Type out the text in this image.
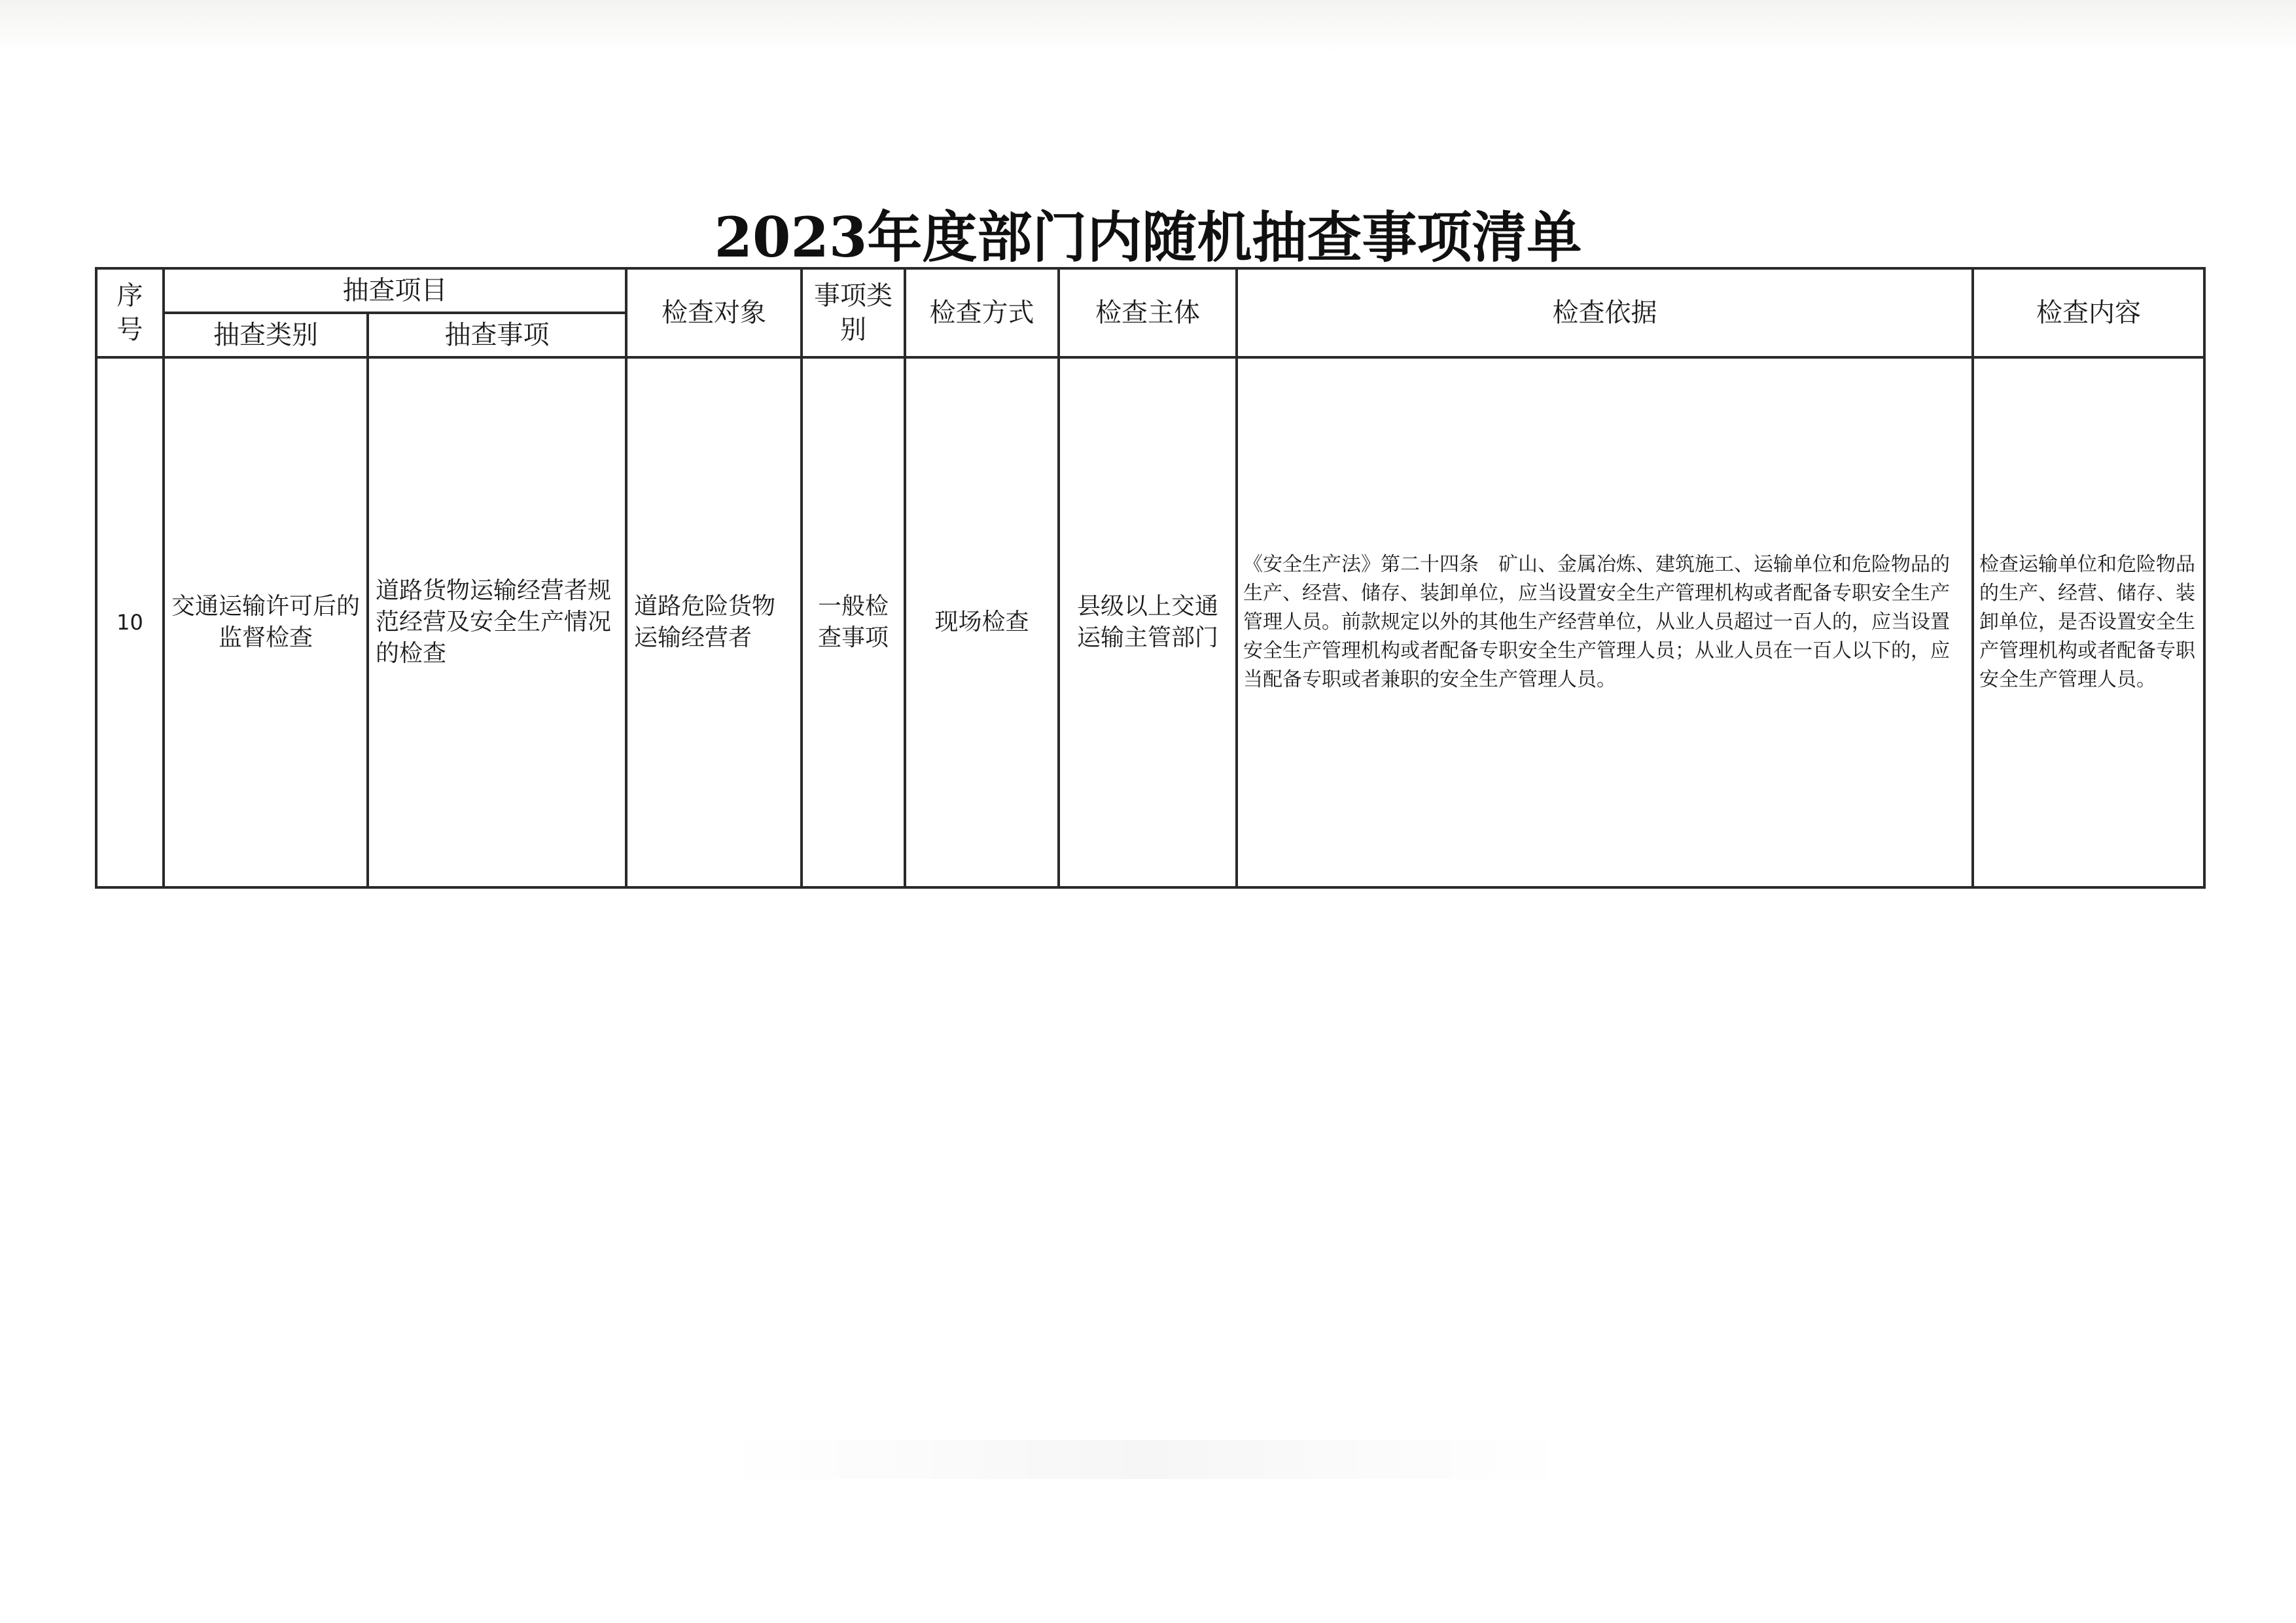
2023年度部门内随机抽查事项清单
序号	抽查项目		检查对象	事项类别	检查方式	检查主体	检查依据	检查内容
	抽查类别	抽查事项						
10	交通运输许可后的监督检查	道路货物运输经营者规范经营及安全生产情况的检查	道路危险货物运输经营者	一般检查事项	现场检查	县级以上交通运输主管部门	《安全生产法》第二十四条　矿山、金属冶炼、建筑施工、运输单位和危险物品的生产、经营、储存、装卸单位，应当设置安全生产管理机构或者配备专职安全生产管理人员。前款规定以外的其他生产经营单位，从业人员超过一百人的，应当设置安全生产管理机构或者配备专职安全生产管理人员；从业人员在一百人以下的，应当配备专职或者兼职的安全生产管理人员。	检查运输单位和危险物品的生产、经营、储存、装卸单位，是否设置安全生产管理机构或者配备专职安全生产管理人员。
